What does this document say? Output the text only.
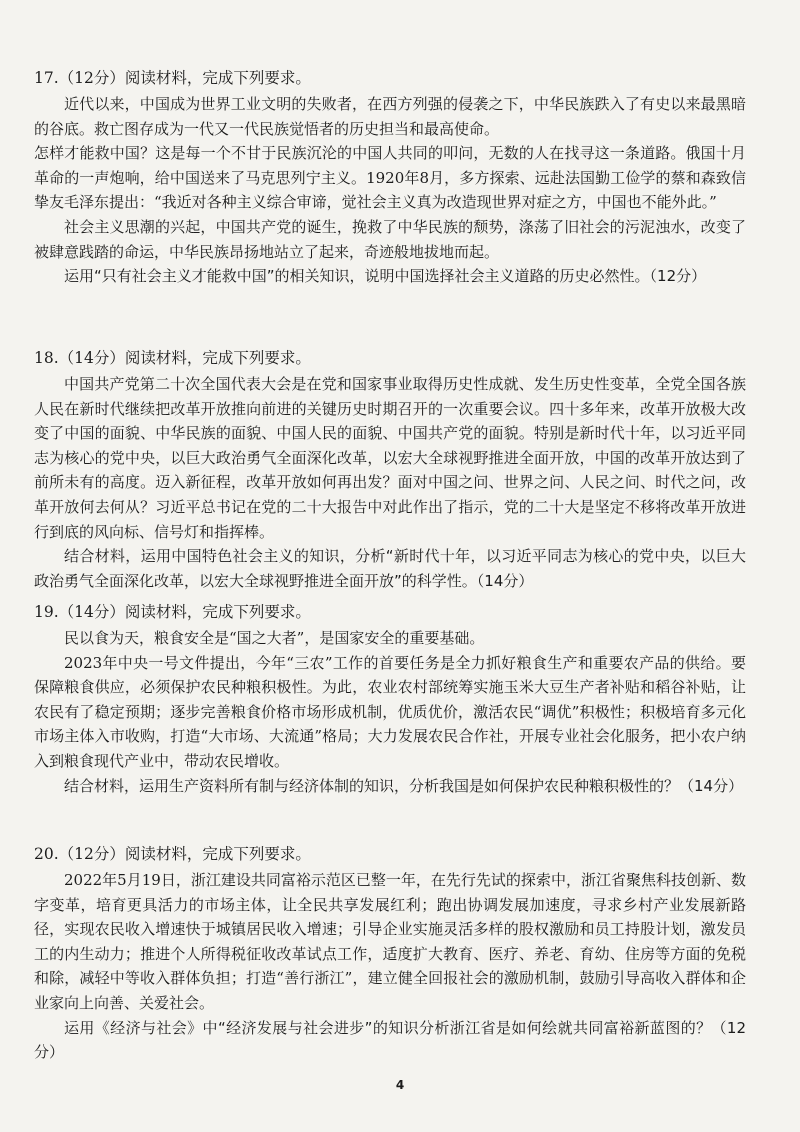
17.（12分）阅读材料，完成下列要求。

近代以来，中国成为世界工业文明的失败者，在西方列强的侵袭之下，中华民族跌入了有史以来最黑暗的谷底。救亡图存成为一代又一代民族觉悟者的历史担当和最高使命。

怎样才能救中国？这是每一个不甘于民族沉沦的中国人共同的叩问，无数的人在找寻这一条道路。俄国十月革命的一声炮响，给中国送来了马克思列宁主义。1920年8月，多方探索、远赴法国勤工俭学的蔡和森致信挚友毛泽东提出：“我近对各种主义综合审谛，觉社会主义真为改造现世界对症之方，中国也不能外此。”

社会主义思潮的兴起，中国共产党的诞生，挽救了中华民族的颓势，涤荡了旧社会的污泥浊水，改变了被肆意践踏的命运，中华民族昂扬地站立了起来，奇迹般地拔地而起。

运用“只有社会主义才能救中国”的相关知识，说明中国选择社会主义道路的历史必然性。（12分）

18.（14分）阅读材料，完成下列要求。

中国共产党第二十次全国代表大会是在党和国家事业取得历史性成就、发生历史性变革，全党全国各族人民在新时代继续把改革开放推向前进的关键历史时期召开的一次重要会议。四十多年来，改革开放极大改变了中国的面貌、中华民族的面貌、中国人民的面貌、中国共产党的面貌。特别是新时代十年，以习近平同志为核心的党中央，以巨大政治勇气全面深化改革，以宏大全球视野推进全面开放，中国的改革开放达到了前所未有的高度。迈入新征程，改革开放如何再出发？面对中国之问、世界之问、人民之问、时代之问，改革开放何去何从？习近平总书记在党的二十大报告中对此作出了指示，党的二十大是坚定不移将改革开放进行到底的风向标、信号灯和指挥棒。

结合材料，运用中国特色社会主义的知识，分析“新时代十年，以习近平同志为核心的党中央，以巨大政治勇气全面深化改革，以宏大全球视野推进全面开放”的科学性。（14分）

19.（14分）阅读材料，完成下列要求。

民以食为天，粮食安全是“国之大者”，是国家安全的重要基础。

2023年中央一号文件提出，今年“三农”工作的首要任务是全力抓好粮食生产和重要农产品的供给。要保障粮食供应，必须保护农民种粮积极性。为此，农业农村部统筹实施玉米大豆生产者补贴和稻谷补贴，让农民有了稳定预期；逐步完善粮食价格市场形成机制，优质优价，激活农民“调优”积极性；积极培育多元化市场主体入市收购，打造“大市场、大流通”格局；大力发展农民合作社，开展专业社会化服务，把小农户纳入到粮食现代产业中，带动农民增收。

结合材料，运用生产资料所有制与经济体制的知识，分析我国是如何保护农民种粮积极性的？（14分）

20.（12分）阅读材料，完成下列要求。

2022年5月19日，浙江建设共同富裕示范区已整一年，在先行先试的探索中，浙江省聚焦科技创新、数字变革，培育更具活力的市场主体，让全民共享发展红利；跑出协调发展加速度，寻求乡村产业发展新路径，实现农民收入增速快于城镇居民收入增速；引导企业实施灵活多样的股权激励和员工持股计划，激发员工的内生动力；推进个人所得税征收改革试点工作，适度扩大教育、医疗、养老、育幼、住房等方面的免税和除，减轻中等收入群体负担；打造“善行浙江”，建立健全回报社会的激励机制，鼓励引导高收入群体和企业家向上向善、关爱社会。

运用《经济与社会》中“经济发展与社会进步”的知识分析浙江省是如何绘就共同富裕新蓝图的？（12分）

4
